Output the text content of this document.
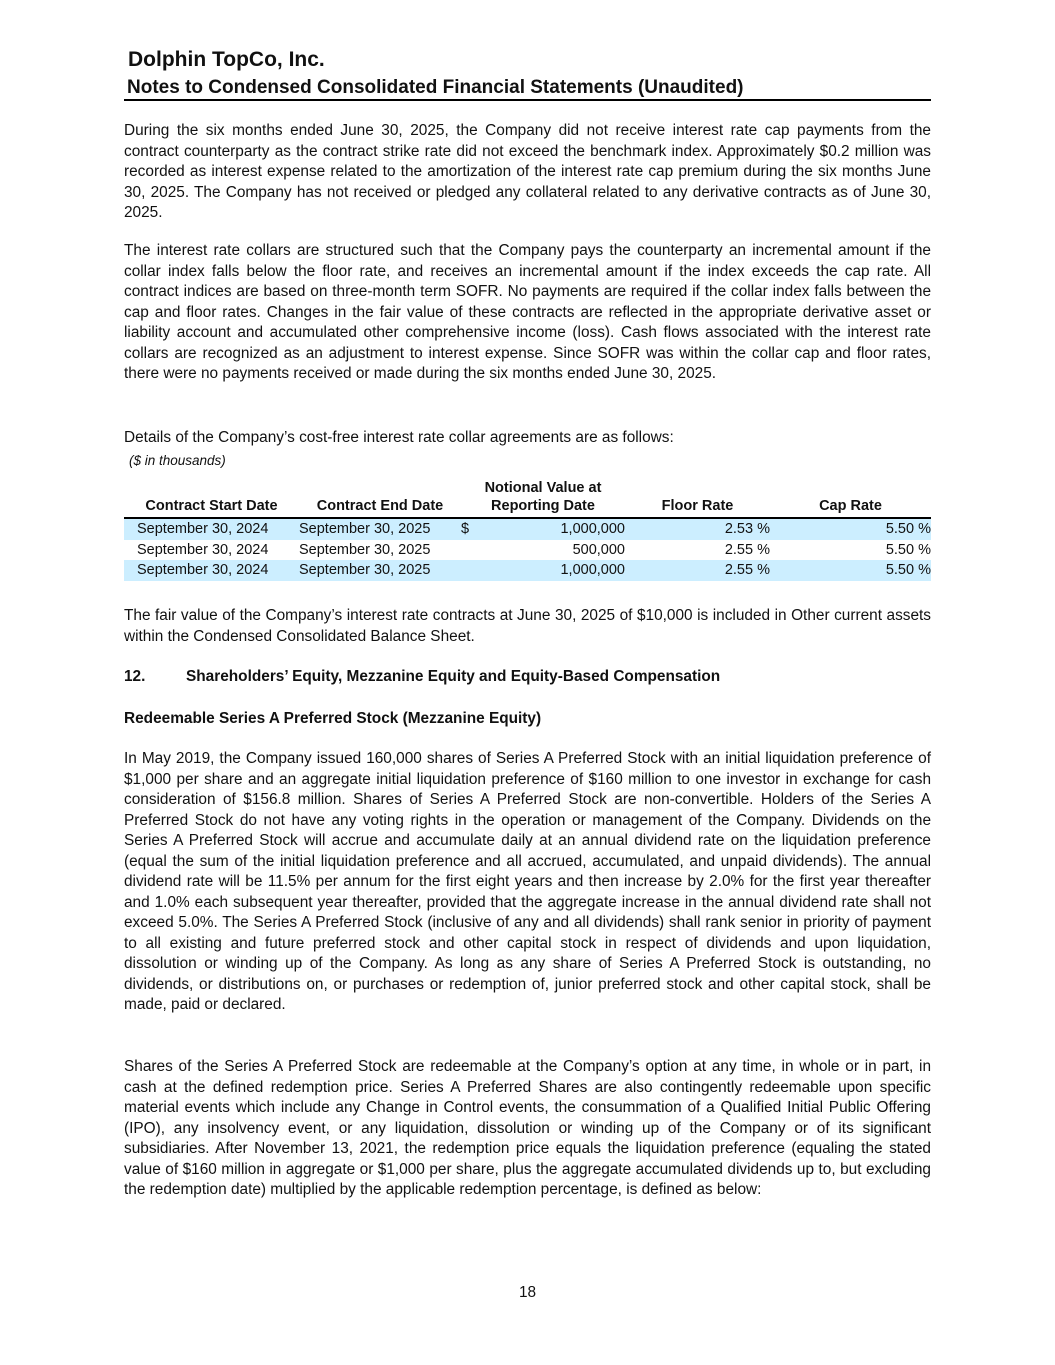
Dolphin TopCo, Inc.
Notes to Condensed Consolidated Financial Statements (Unaudited)

During the six months ended June 30, 2025, the Company did not receive interest rate cap payments from the contract counterparty as the contract strike rate did not exceed the benchmark index. Approximately $0.2 million was recorded as interest expense related to the amortization of the interest rate cap premium during the six months June 30, 2025. The Company has not received or pledged any collateral related to any derivative contracts as of June 30, 2025.

The interest rate collars are structured such that the Company pays the counterparty an incremental amount if the collar index falls below the floor rate, and receives an incremental amount if the index exceeds the cap rate. All contract indices are based on three-month term SOFR. No payments are required if the collar index falls between the cap and floor rates. Changes in the fair value of these contracts are reflected in the appropriate derivative asset or liability account and accumulated other comprehensive income (loss). Cash flows associated with the interest rate collars are recognized as an adjustment to interest expense. Since SOFR was within the collar cap and floor rates, there were no payments received or made during the six months ended June 30, 2025.

Details of the Company’s cost-free interest rate collar agreements are as follows:

($ in thousands)
Contract Start Date	Contract End Date	Notional Value at
Reporting Date		Floor Rate	Cap Rate
September 30, 2024	September 30, 2025	$	1,000,000	2.53 %	5.50 %
September 30, 2024	September 30, 2025		500,000	2.55 %	5.50 %
September 30, 2024	September 30, 2025		1,000,000	2.55 %	5.50 %

The fair value of the Company’s interest rate contracts at June 30, 2025 of $10,000 is included in Other current assets within the Condensed Consolidated Balance Sheet.

12.	Shareholders’ Equity, Mezzanine Equity and Equity-Based Compensation
Redeemable Series A Preferred Stock (Mezzanine Equity)

In May 2019, the Company issued 160,000 shares of Series A Preferred Stock with an initial liquidation preference of $1,000 per share and an aggregate initial liquidation preference of $160 million to one investor in exchange for cash consideration of $156.8 million. Shares of Series A Preferred Stock are non-convertible. Holders of the Series A Preferred Stock do not have any voting rights in the operation or management of the Company. Dividends on the Series A Preferred Stock will accrue and accumulate daily at an annual dividend rate on the liquidation preference (equal the sum of the initial liquidation preference and all accrued, accumulated, and unpaid dividends). The annual dividend rate will be 11.5% per annum for the first eight years and then increase by 2.0% for the first year thereafter and 1.0% each subsequent year thereafter, provided that the aggregate increase in the annual dividend rate shall not exceed 5.0%. The Series A Preferred Stock (inclusive of any and all dividends) shall rank senior in priority of payment to all existing and future preferred stock and other capital stock in respect of dividends and upon liquidation, dissolution or winding up of the Company. As long as any share of Series A Preferred Stock is outstanding, no dividends, or distributions on, or purchases or redemption of, junior preferred stock and other capital stock, shall be made, paid or declared.

Shares of the Series A Preferred Stock are redeemable at the Company’s option at any time, in whole or in part, in cash at the defined redemption price. Series A Preferred Shares are also contingently redeemable upon specific material events which include any Change in Control events, the consummation of a Qualified Initial Public Offering (IPO), any insolvency event, or any liquidation, dissolution or winding up of the Company or of its significant subsidiaries. After November 13, 2021, the redemption price equals the liquidation preference (equaling the stated value of $160 million in aggregate or $1,000 per share, plus the aggregate accumulated dividends up to, but excluding the redemption date) multiplied by the applicable redemption percentage, is defined as below:

18
